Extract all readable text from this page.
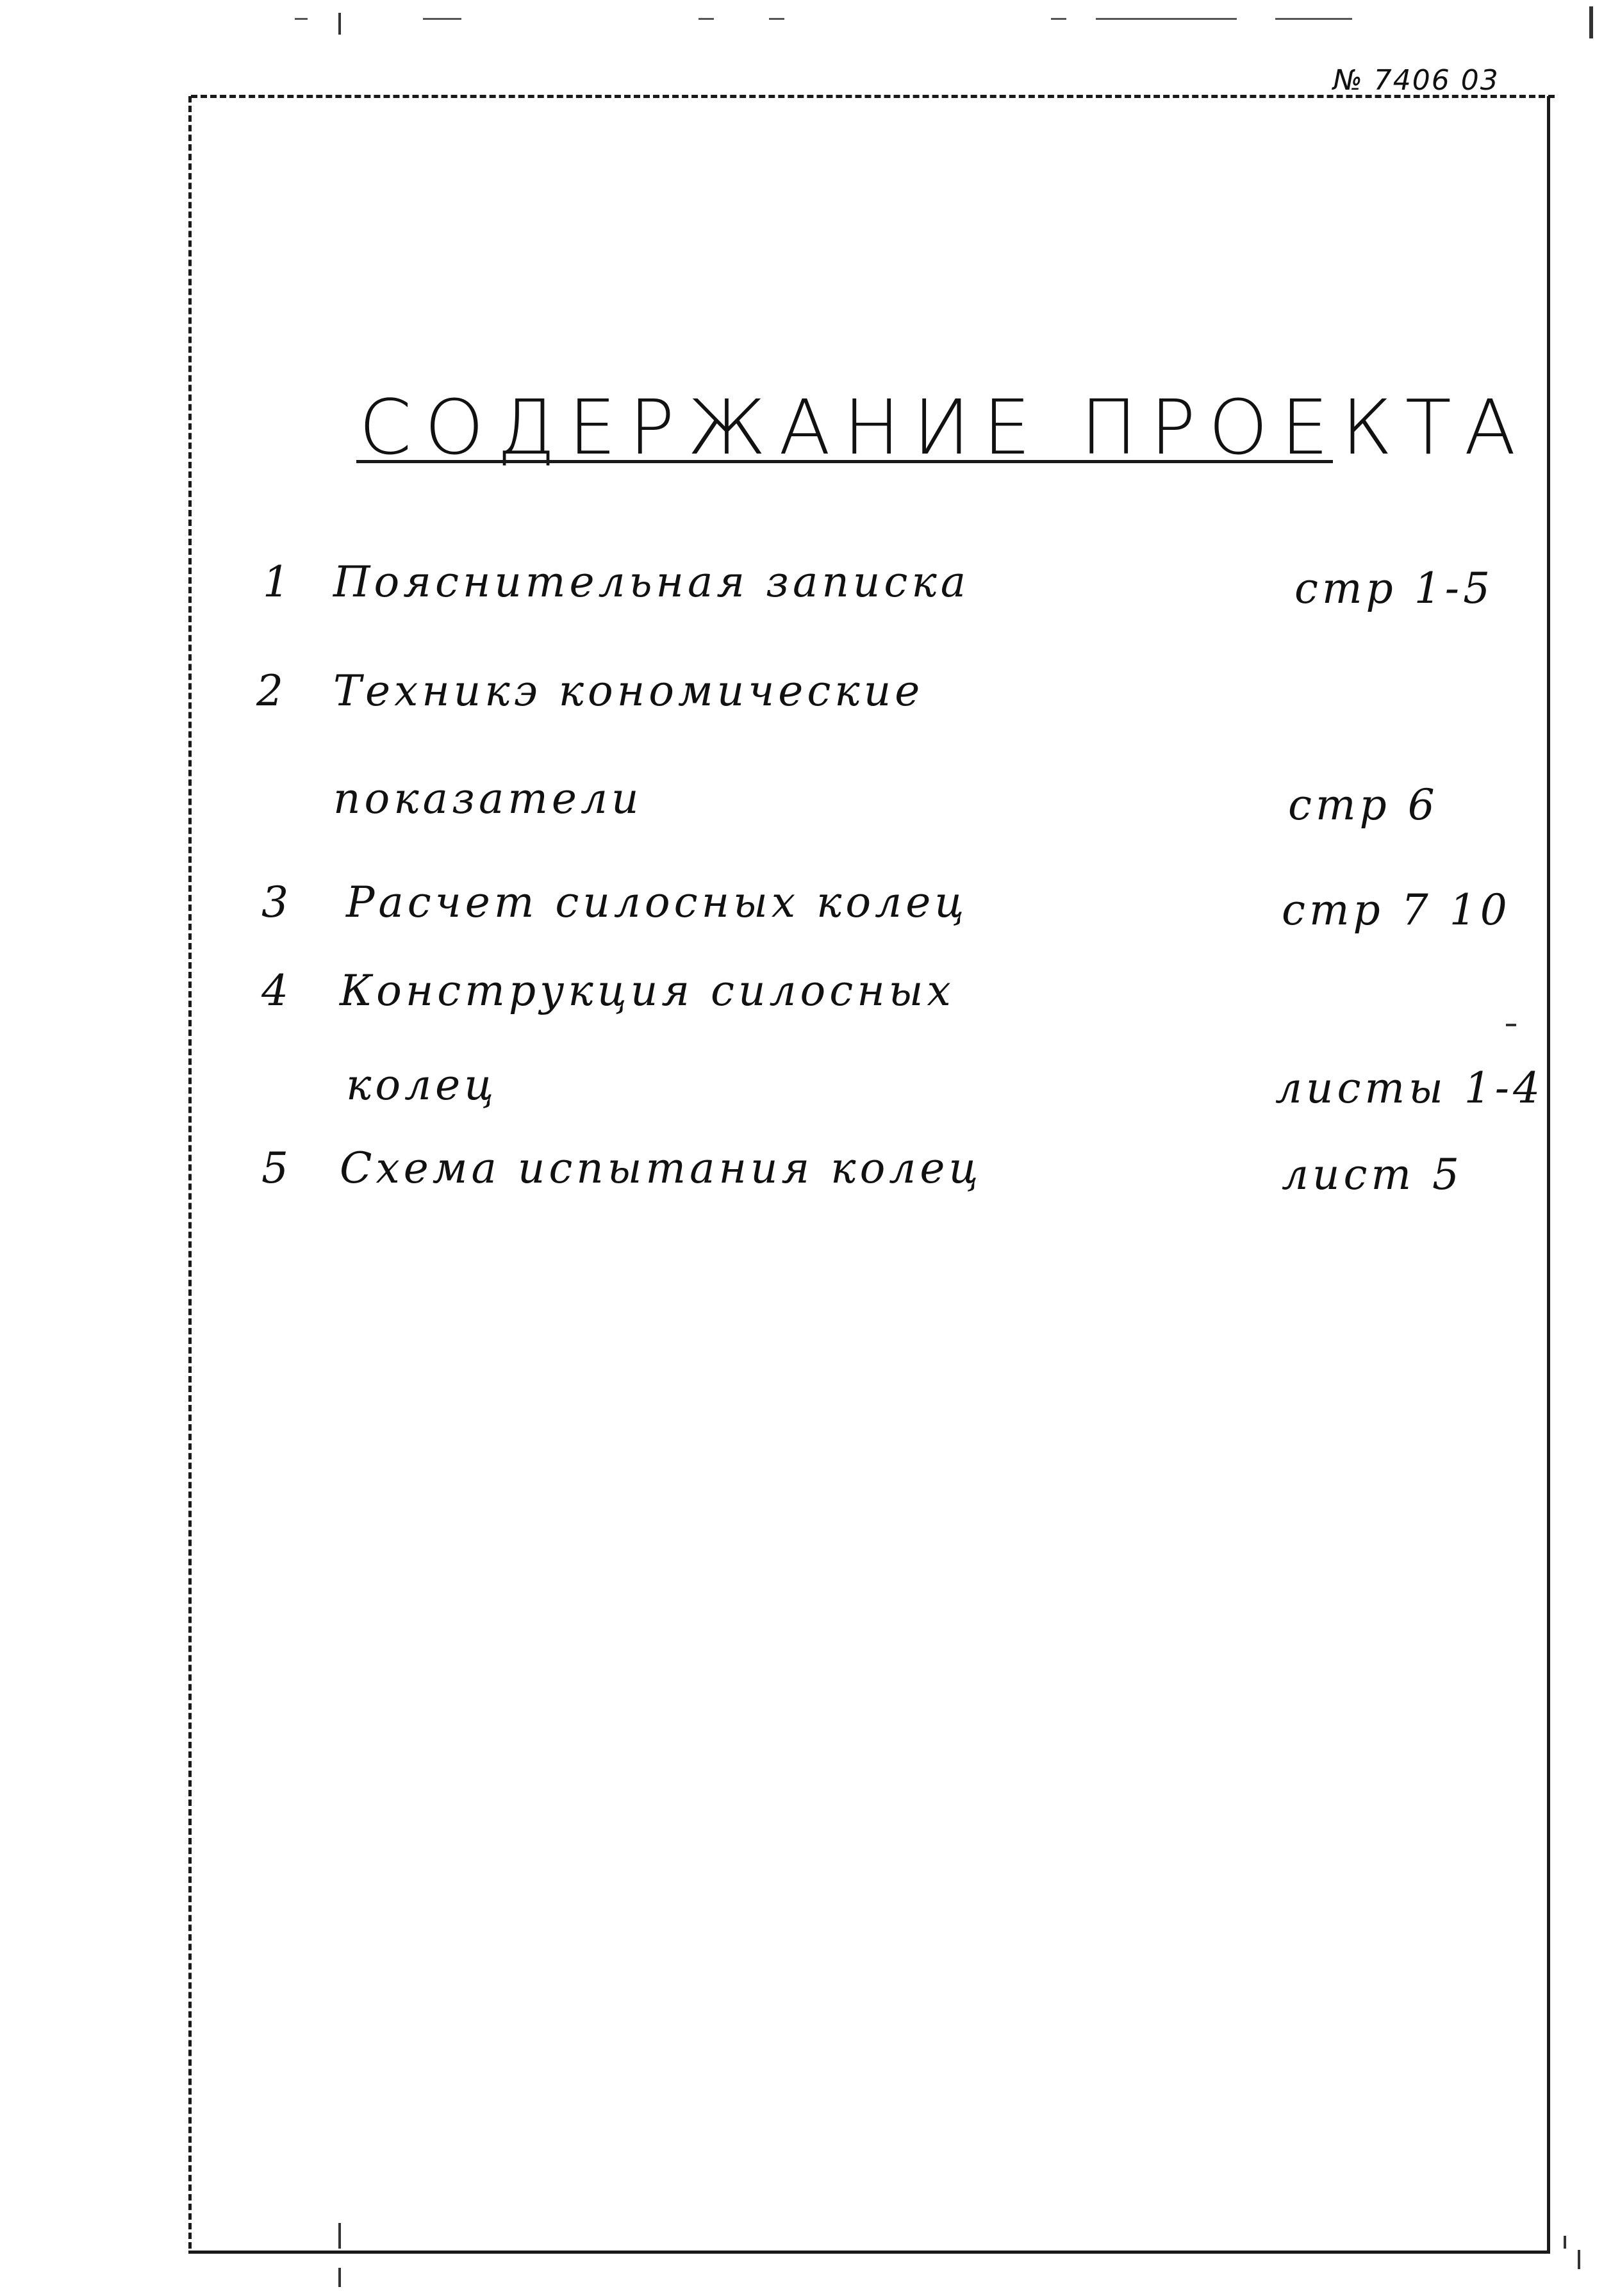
№ 7406 03
СОДЕРЖАНИЕ ПРОЕКТА
1 Пояснительная записка	стр 1-5
2 Техникэ кономические
показатели	стр 6
3 Расчет силосных колец	стр 7 10
4 Конструкция силосных
колец	листы 1-4
5 Схема испытания колец	лист 5
